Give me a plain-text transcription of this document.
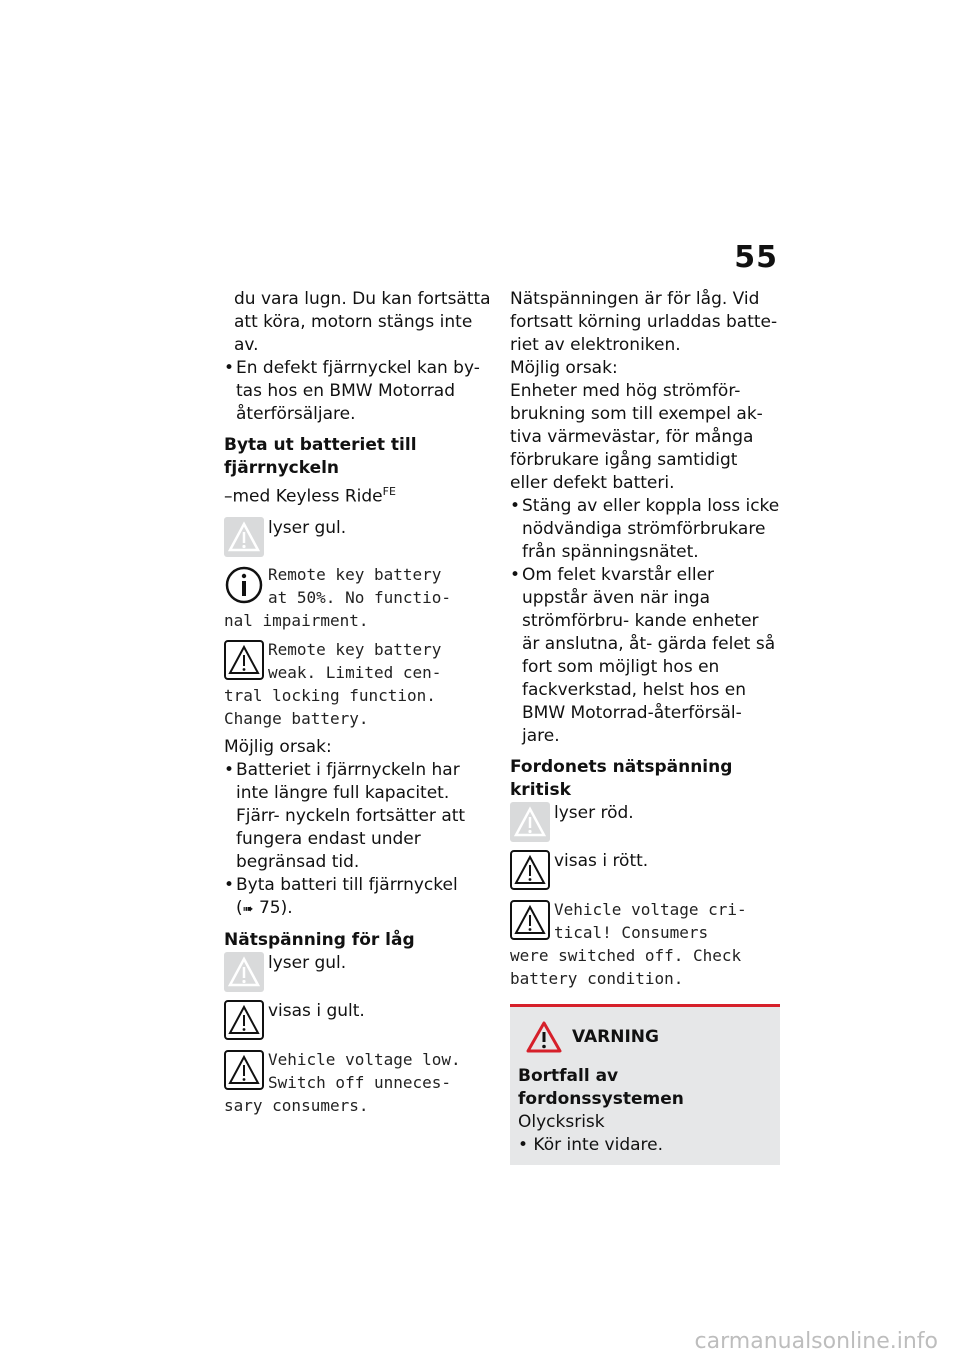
55
du vara lugn. Du kan fortsätta att köra, motorn stängs inte av.
• En defekt fjärrnyckel kan by- tas hos en BMW Motorrad återförsäljare.
Byta ut batteriet till fjärrnyckeln
–med Keyless Ride$^{FE}$
lyser gul.
Remote key battery
at 50%. No functio-
nal impairment.
Remote key battery
weak. Limited cen-
tral locking function.
Change battery.
Möjlig orsak:
• Batteriet i fjärrnyckeln har inte längre full kapacitet. Fjärr- nyckeln fortsätter att fungera endast under begränsad tid.
• Byta batteri till fjärrnyckel
(➠ 75).
Nätspänning för låg
lyser gul.
visas i gult.
Vehicle voltage low.
Switch off unneces-
sary consumers.
Nätspänningen är för låg. Vid fortsatt körning urladdas batte- riet av elektroniken.
Möjlig orsak:
Enheter med hög strömför- brukning som till exempel ak- tiva värmevästar, för många förbrukare igång samtidigt eller defekt batteri.
• Stäng av eller koppla loss icke nödvändiga strömförbrukare från spänningsnätet.
• Om felet kvarstår eller uppstår även när inga strömförbru- kande enheter är anslutna, åt- gärda felet så fort som möjligt hos en fackverkstad, helst hos en BMW Motorrad-återförsäl- jare.
Fordonets nätspänning kritisk
lyser röd.
visas i rött.
Vehicle voltage cri-
tical! Consumers
were switched off. Check
battery condition.
VARNING
Bortfall av fordonssystemen
Olycksrisk
• Kör inte vidare.
carmanualsonline.info
